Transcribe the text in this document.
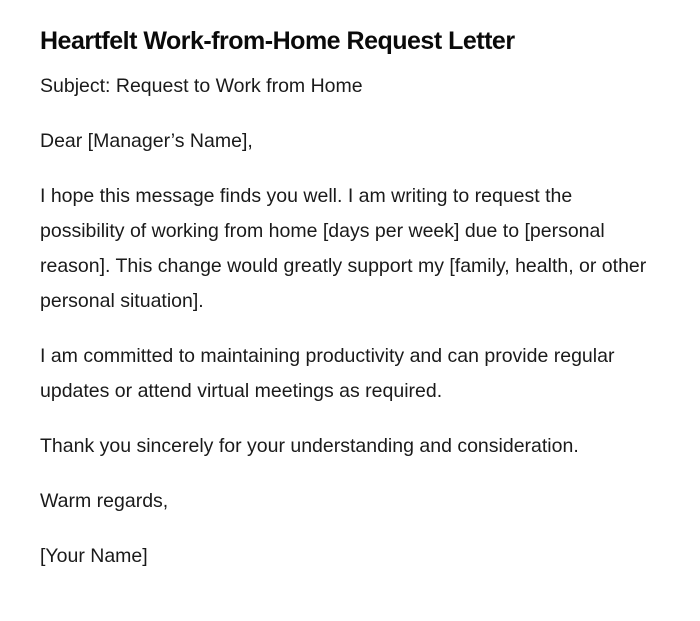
Heartfelt Work-from-Home Request Letter

Subject: Request to Work from Home

Dear [Manager’s Name],

I hope this message finds you well. I am writing to request the possibility of working from home [days per week] due to [personal reason]. This change would greatly support my [family, health, or other personal situation].

I am committed to maintaining productivity and can provide regular updates or attend virtual meetings as required.

Thank you sincerely for your understanding and consideration.

Warm regards,

[Your Name]
